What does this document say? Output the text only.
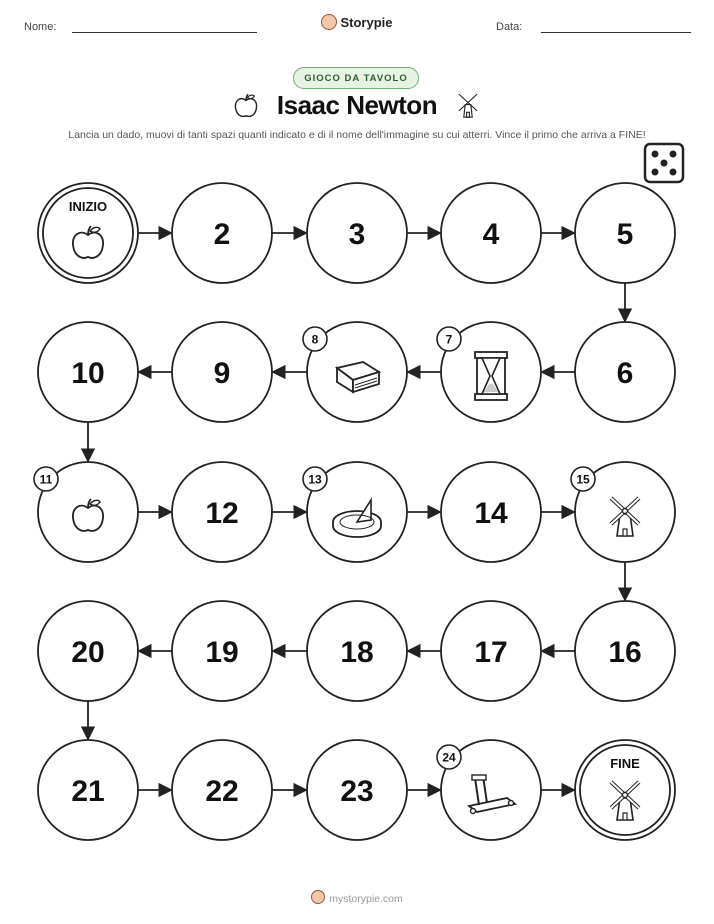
Nome:	Storypie	Data:
GIOCO DA TAVOLO
Isaac Newton
Lancia un dado, muovi di tanti spazi quanti indicato e di il nome dell'immagine su cui atterri. Vince il primo che arriva a FINE!
INIZIO
2	3	4	5
6
7
8
9
10
11
12
13
14
15
16
17
18
19
20
21	22	23
24	FINE
mystorypie.com
